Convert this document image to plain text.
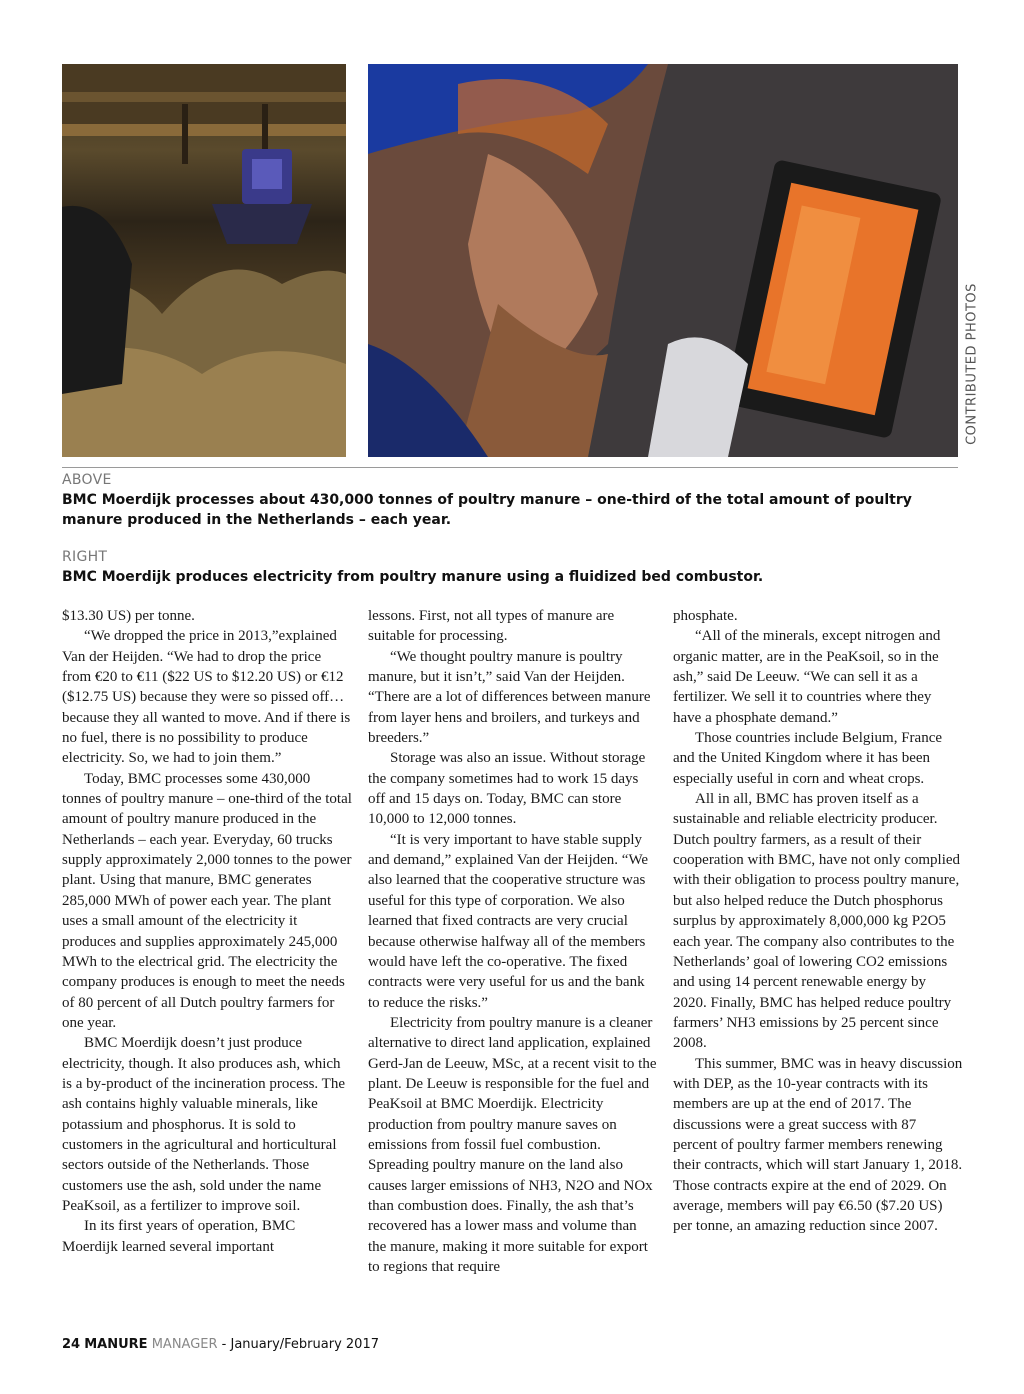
CONTRIBUTED PHOTOS
ABOVE
BMC Moerdijk processes about 430,000 tonnes of poultry manure – one-third of the total amount of poultry manure produced in the Netherlands – each year.
RIGHT
BMC Moerdijk produces electricity from poultry manure using a fluidized bed combustor.

$13.30 US) per tonne.

“We dropped the price in 2013,”explained Van der Heijden. “We had to drop the price from €20 to €11 ($22 US to $12.20 US) or €12 ($12.75 US) because they were so pissed off… because they all wanted to move. And if there is no fuel, there is no possibility to produce electricity. So, we had to join them.”

Today, BMC processes some 430,000 tonnes of poultry manure – one-third of the total amount of poultry manure produced in the Netherlands – each year. Everyday, 60 trucks supply approximately 2,000 tonnes to the power plant. Using that manure, BMC generates 285,000 MWh of power each year. The plant uses a small amount of the electricity it produces and supplies approximately 245,000 MWh to the electrical grid. The electricity the company produces is enough to meet the needs of 80 percent of all Dutch poultry farmers for one year.

BMC Moerdijk doesn’t just produce electricity, though. It also produces ash, which is a by-product of the incineration process. The ash contains highly valuable minerals, like potassium and phosphorus. It is sold to customers in the agricultural and horticultural sectors outside of the Netherlands. Those customers use the ash, sold under the name PeaKsoil, as a fertilizer to improve soil.

In its first years of operation, BMC Moerdijk learned several important

lessons. First, not all types of manure are suitable for processing.

“We thought poultry manure is poultry manure, but it isn’t,” said Van der Heijden. “There are a lot of differences between manure from layer hens and broilers, and turkeys and breeders.”

Storage was also an issue. Without storage the company sometimes had to work 15 days off and 15 days on. Today, BMC can store 10,000 to 12,000 tonnes.

“It is very important to have stable supply and demand,” explained Van der Heijden. “We also learned that the cooperative structure was useful for this type of corporation. We also learned that fixed contracts are very crucial because otherwise halfway all of the members would have left the co-operative. The fixed contracts were very useful for us and the bank to reduce the risks.”

Electricity from poultry manure is a cleaner alternative to direct land application, explained Gerd-Jan de Leeuw, MSc, at a recent visit to the plant. De Leeuw is responsible for the fuel and PeaKsoil at BMC Moerdijk. Electricity production from poultry manure saves on emissions from fossil fuel combustion. Spreading poultry manure on the land also causes larger emissions of NH3, N2O and NOx than combustion does. Finally, the ash that’s recovered has a lower mass and volume than the manure, making it more suitable for export to regions that require

phosphate.

“All of the minerals, except nitrogen and organic matter, are in the PeaKsoil, so in the ash,” said De Leeuw. “We can sell it as a fertilizer. We sell it to countries where they have a phosphate demand.”

Those countries include Belgium, France and the United Kingdom where it has been especially useful in corn and wheat crops.

All in all, BMC has proven itself as a sustainable and reliable electricity producer. Dutch poultry farmers, as a result of their cooperation with BMC, have not only complied with their obligation to process poultry manure, but also helped reduce the Dutch phosphorus surplus by approximately 8,000,000 kg P2O5 each year. The company also contributes to the Netherlands’ goal of lowering CO2 emissions and using 14 percent renewable energy by 2020. Finally, BMC has helped reduce poultry farmers’ NH3 emissions by 25 percent since 2008.

This summer, BMC was in heavy discussion with DEP, as the 10-year contracts with its members are up at the end of 2017. The discussions were a great success with 87 percent of poultry farmer members renewing their contracts, which will start January 1, 2018. Those contracts expire at the end of 2029. On average, members will pay €6.50 ($7.20 US) per tonne, an amazing reduction since 2007.

24 MANURE MANAGER - January/February 2017
